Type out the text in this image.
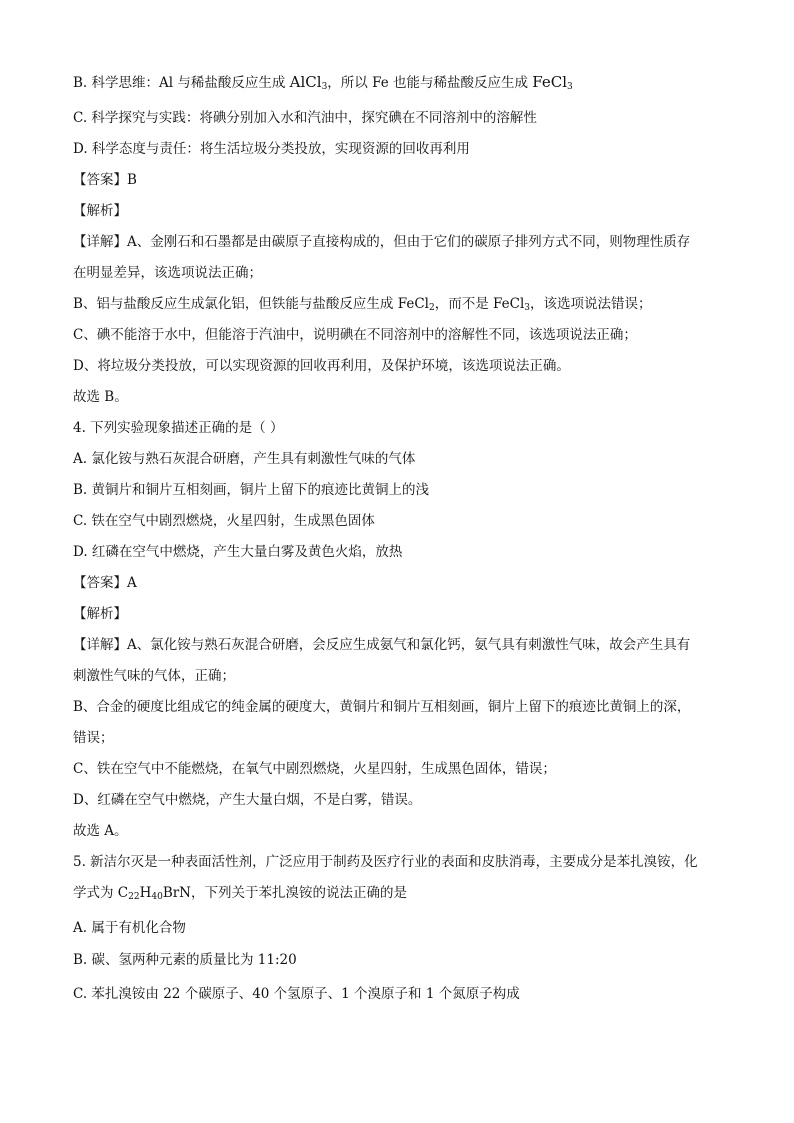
B. 科学思维：Al 与稀盐酸反应生成 AlCl$_3$，所以 Fe 也能与稀盐酸反应生成 FeCl$_3$
C. 科学探究与实践：将碘分别加入水和汽油中，探究碘在不同溶剂中的溶解性
D. 科学态度与责任：将生活垃圾分类投放，实现资源的回收再利用
【答案】B
【解析】
【详解】A、金刚石和石墨都是由碳原子直接构成的，但由于它们的碳原子排列方式不同，则物理性质存
在明显差异，该选项说法正确；
B、铝与盐酸反应生成氯化铝，但铁能与盐酸反应生成 FeCl$_2$，而不是 FeCl$_3$，该选项说法错误；
C、碘不能溶于水中，但能溶于汽油中，说明碘在不同溶剂中的溶解性不同，该选项说法正确；
D、将垃圾分类投放，可以实现资源的回收再利用，及保护环境，该选项说法正确。
故选 B。
4. 下列实验现象描述正确的是（ ）
A. 氯化铵与熟石灰混合研磨，产生具有刺激性气味的气体
B. 黄铜片和铜片互相刻画，铜片上留下的痕迹比黄铜上的浅
C. 铁在空气中剧烈燃烧，火星四射，生成黑色固体
D. 红磷在空气中燃烧，产生大量白雾及黄色火焰，放热
【答案】A
【解析】
【详解】A、氯化铵与熟石灰混合研磨，会反应生成氨气和氯化钙，氨气具有刺激性气味，故会产生具有
刺激性气味的气体，正确；
B、合金的硬度比组成它的纯金属的硬度大，黄铜片和铜片互相刻画，铜片上留下的痕迹比黄铜上的深，
错误；
C、铁在空气中不能燃烧，在氧气中剧烈燃烧，火星四射，生成黑色固体，错误；
D、红磷在空气中燃烧，产生大量白烟，不是白雾，错误。
故选 A。
5. 新洁尔灭是一种表面活性剂，广泛应用于制药及医疗行业的表面和皮肤消毒，主要成分是苯扎溴铵，化
学式为 $C_{22}H_{40}BrN$，下列关于苯扎溴铵的说法正确的是
A. 属于有机化合物
B. 碳、氢两种元素的质量比为 11:20
C. 苯扎溴铵由 22 个碳原子、40 个氢原子、1 个溴原子和 1 个氮原子构成
